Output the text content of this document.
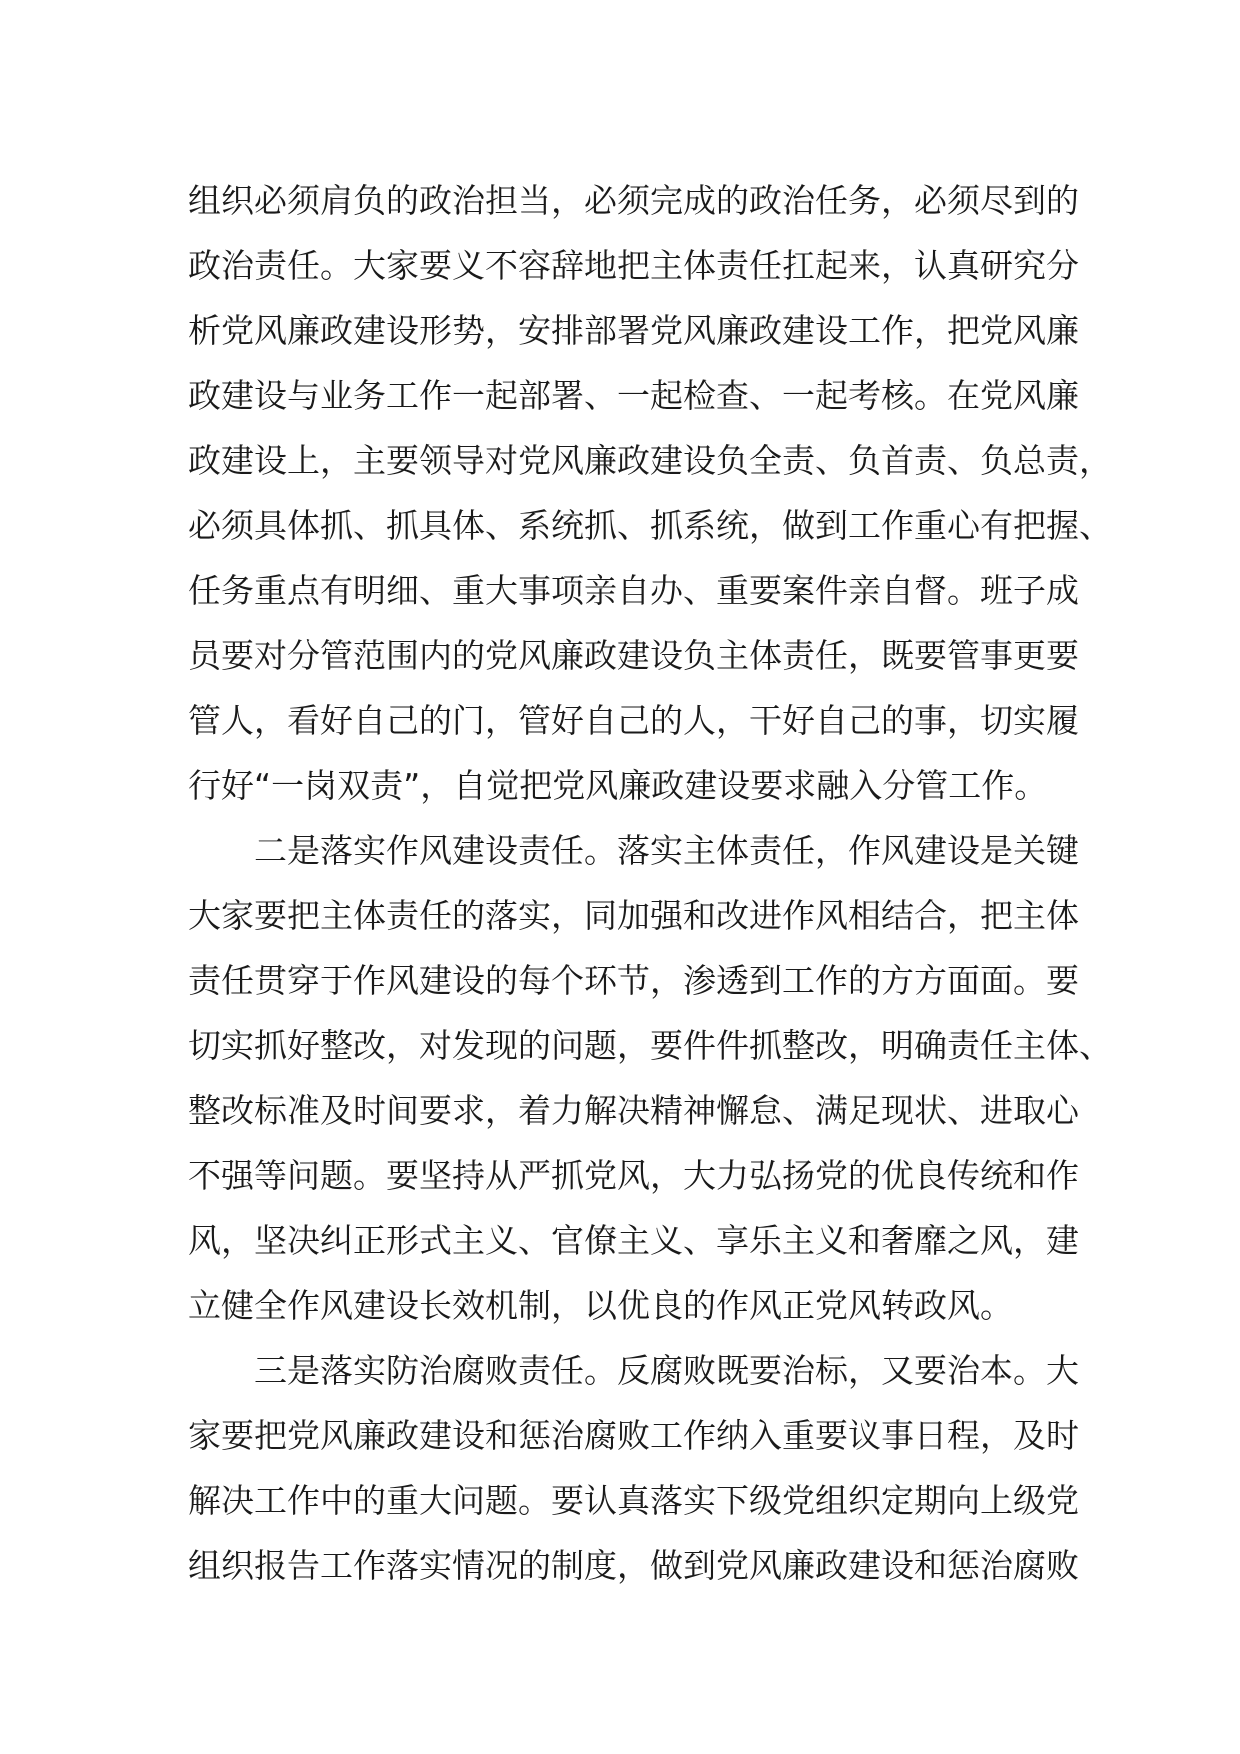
组织必须肩负的政治担当，必须完成的政治任务，必须尽到的
政治责任。大家要义不容辞地把主体责任扛起来，认真研究分
析党风廉政建设形势，安排部署党风廉政建设工作，把党风廉
政建设与业务工作一起部署、一起检查、一起考核。在党风廉
政建设上，主要领导对党风廉政建设负全责、负首责、负总责，
必须具体抓、抓具体、系统抓、抓系统，做到工作重心有把握、
任务重点有明细、重大事项亲自办、重要案件亲自督。班子成
员要对分管范围内的党风廉政建设负主体责任，既要管事更要
管人，看好自己的门，管好自己的人，干好自己的事，切实履
行好“一岗双责”，自觉把党风廉政建设要求融入分管工作。
二是落实作风建设责任。落实主体责任，作风建设是关键
大家要把主体责任的落实，同加强和改进作风相结合，把主体
责任贯穿于作风建设的每个环节，渗透到工作的方方面面。要
切实抓好整改，对发现的问题，要件件抓整改，明确责任主体、
整改标准及时间要求，着力解决精神懈怠、满足现状、进取心
不强等问题。要坚持从严抓党风，大力弘扬党的优良传统和作
风，坚决纠正形式主义、官僚主义、享乐主义和奢靡之风，建
立健全作风建设长效机制，以优良的作风正党风转政风。
三是落实防治腐败责任。反腐败既要治标，又要治本。大
家要把党风廉政建设和惩治腐败工作纳入重要议事日程，及时
解决工作中的重大问题。要认真落实下级党组织定期向上级党
组织报告工作落实情况的制度，做到党风廉政建设和惩治腐败
